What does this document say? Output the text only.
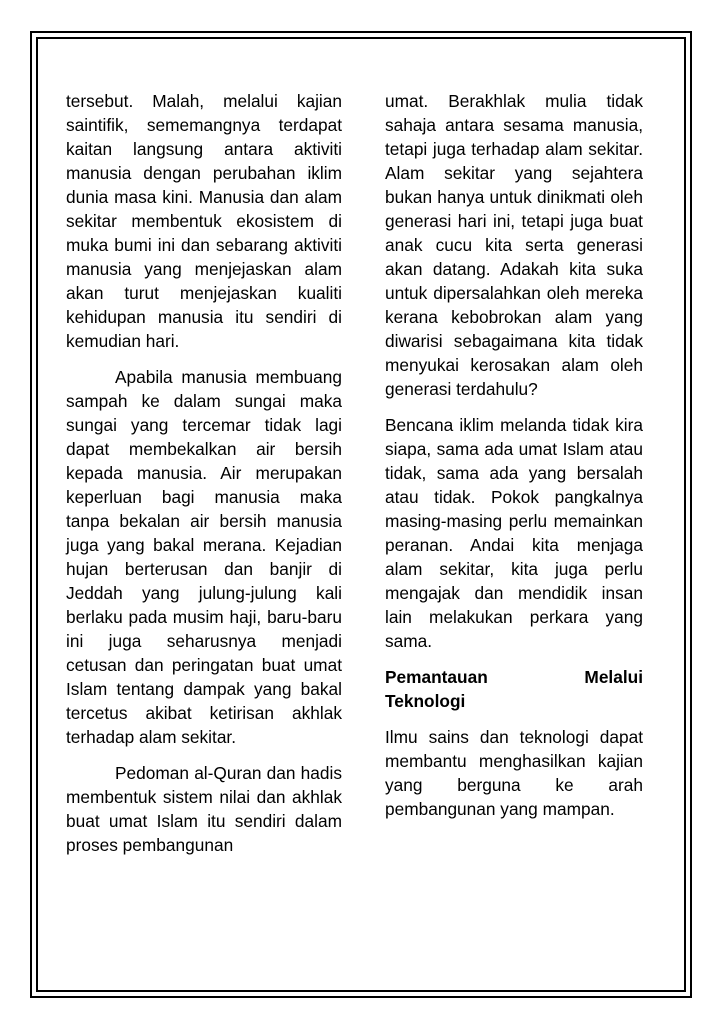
tersebut. Malah, melalui kajian saintifik, sememangnya terdapat kaitan langsung antara aktiviti manusia dengan perubahan iklim dunia masa kini. Manusia dan alam sekitar membentuk ekosistem di muka bumi ini dan sebarang aktiviti manusia yang menjejaskan alam akan turut menjejaskan kualiti kehidupan manusia itu sendiri di kemudian hari.

Apabila manusia membuang sampah ke dalam sungai maka sungai yang tercemar tidak lagi dapat membekalkan air bersih kepada manusia. Air merupakan keperluan bagi manusia maka tanpa bekalan air bersih manusia juga yang bakal merana. Kejadian hujan berterusan dan banjir di Jeddah yang julung-julung kali berlaku pada musim haji, baru-baru ini juga seharusnya menjadi cetusan dan peringatan buat umat Islam tentang dampak yang bakal tercetus akibat ketirisan akhlak terhadap alam sekitar.

Pedoman al-Quran dan hadis membentuk sistem nilai dan akhlak buat umat Islam itu sendiri dalam proses pembangunan

umat. Berakhlak mulia tidak sahaja antara sesama manusia, tetapi juga terhadap alam sekitar. Alam sekitar yang sejahtera bukan hanya untuk dinikmati oleh generasi hari ini, tetapi juga buat anak cucu kita serta generasi akan datang. Adakah kita suka untuk dipersalahkan oleh mereka kerana kebobrokan alam yang diwarisi sebagaimana kita tidak menyukai kerosakan alam oleh generasi terdahulu?

Bencana iklim melanda tidak kira siapa, sama ada umat Islam atau tidak, sama ada yang bersalah atau tidak. Pokok pangkalnya masing-masing perlu memainkan peranan. Andai kita menjaga alam sekitar, kita juga perlu mengajak dan mendidik insan lain melakukan perkara yang sama.

Pemantauan	Melalui
Teknologi

Ilmu sains dan teknologi dapat membantu menghasilkan kajian yang berguna ke arah pembangunan yang mampan.
